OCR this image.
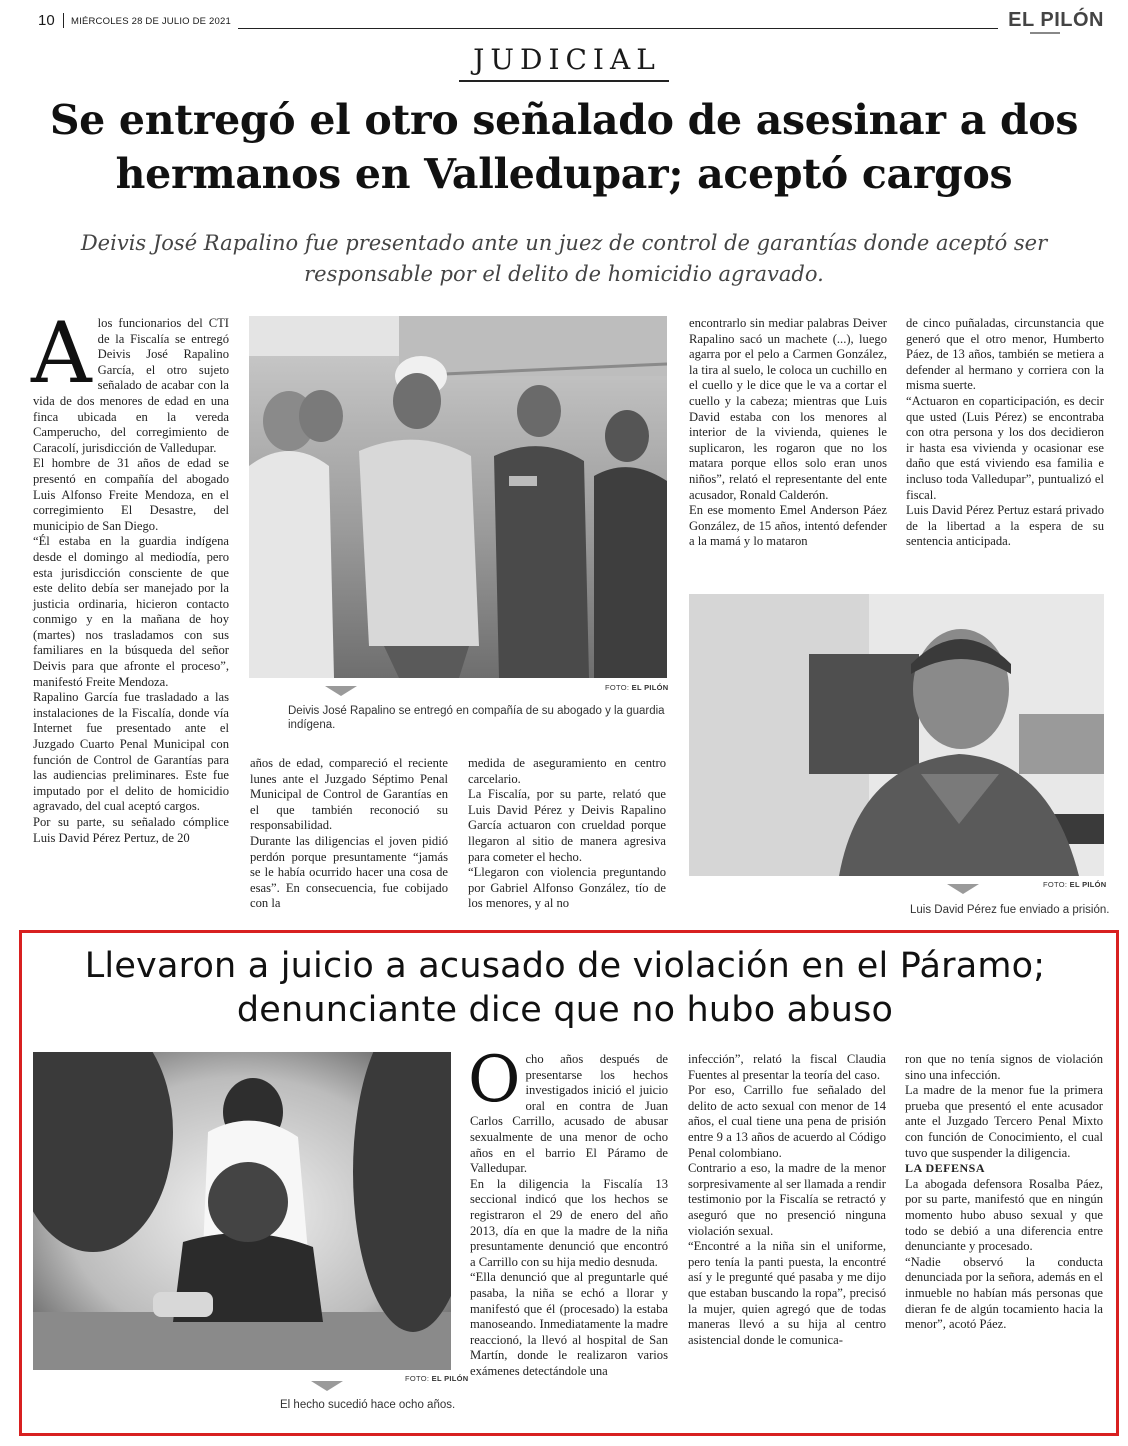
10 MIÉRCOLES 28 DE JULIO DE 2021	EL PILÓN
JUDICIAL
Se entregó el otro señalado de asesinar a dos hermanos en Valledupar; aceptó cargos
Deivis José Rapalino fue presentado ante un juez de control de garantías donde aceptó ser responsable por el delito de homicidio agravado.
A los funcionarios del CTI de la Fiscalía se entregó Deivis José Rapalino García, el otro sujeto señalado de acabar con la vida de dos menores de edad en una finca ubicada en la vereda Camperucho, del corregimiento de Caracolí, jurisdicción de Valledupar.

El hombre de 31 años de edad se presentó en compañía del abogado Luis Alfonso Freite Mendoza, en el corregimiento El Desastre, del municipio de San Diego.

“Él estaba en la guardia indígena desde el domingo al mediodía, pero esta jurisdicción consciente de que este delito debía ser manejado por la justicia ordinaria, hicieron contacto conmigo y en la mañana de hoy (martes) nos trasladamos con sus familiares en la búsqueda del señor Deivis para que afronte el proceso”, manifestó Freite Mendoza.

Rapalino García fue trasladado a las instalaciones de la Fiscalía, donde vía Internet fue presentado ante el Juzgado Cuarto Penal Municipal con función de Control de Garantías para las audiencias preliminares. Este fue imputado por el delito de homicidio agravado, del cual aceptó cargos.

Por su parte, su señalado cómplice Luis David Pérez Pertuz, de 20

FOTO: EL PILÓN
Deivis José Rapalino se entregó en compañía de su abogado y la guardia indígena.

años de edad, compareció el reciente lunes ante el Juzgado Séptimo Penal Municipal de Control de Garantías en el que también reconoció su responsabilidad.

Durante las diligencias el joven pidió perdón porque presuntamente “jamás se le había ocurrido hacer una cosa de esas”. En consecuencia, fue cobijado con la

medida de aseguramiento en centro carcelario.

La Fiscalía, por su parte, relató que Luis David Pérez y Deivis Rapalino García actuaron con crueldad porque llegaron al sitio de manera agresiva para cometer el hecho.

“Llegaron con violencia preguntando por Gabriel Alfonso González, tío de los menores, y al no

encontrarlo sin mediar palabras Deiver Rapalino sacó un machete (...), luego agarra por el pelo a Carmen González, la tira al suelo, le coloca un cuchillo en el cuello y le dice que le va a cortar el cuello y la cabeza; mientras que Luis David estaba con los menores al interior de la vivienda, quienes le suplicaron, les rogaron que no los matara porque ellos solo eran unos niños”, relató el representante del ente acusador, Ronald Calderón.

En ese momento Emel Anderson Páez González, de 15 años, intentó defender a la mamá y lo mataron

de cinco puñaladas, circunstancia que generó que el otro menor, Humberto Páez, de 13 años, también se metiera a defender al hermano y corriera con la misma suerte.

“Actuaron en coparticipación, es decir que usted (Luis Pérez) se encontraba con otra persona y los dos decidieron ir hasta esa vivienda y ocasionar ese daño que está viviendo esa familia e incluso toda Valledupar”, puntualizó el fiscal.

Luis David Pérez Pertuz estará privado de la libertad a la espera de su sentencia anticipada.

FOTO: EL PILÓN
Luis David Pérez fue enviado a prisión.
Llevaron a juicio a acusado de violación en el Páramo; denunciante dice que no hubo abuso
FOTO: EL PILÓN
El hecho sucedió hace ocho años.
O cho años después de presentarse los hechos investigados inició el juicio oral en contra de Juan Carlos Carrillo, acusado de abusar sexualmente de una menor de ocho años en el barrio El Páramo de Valledupar.

En la diligencia la Fiscalía 13 seccional indicó que los hechos se registraron el 29 de enero del año 2013, día en que la madre de la niña presuntamente denunció que encontró a Carrillo con su hija medio desnuda.

“Ella denunció que al preguntarle qué pasaba, la niña se echó a llorar y manifestó que él (procesado) la estaba manoseando. Inmediatamente la madre reaccionó, la llevó al hospital de San Martín, donde le realizaron varios exámenes detectándole una

infección”, relató la fiscal Claudia Fuentes al presentar la teoría del caso.

Por eso, Carrillo fue señalado del delito de acto sexual con menor de 14 años, el cual tiene una pena de prisión entre 9 a 13 años de acuerdo al Código Penal colombiano.

Contrario a eso, la madre de la menor sorpresivamente al ser llamada a rendir testimonio por la Fiscalía se retractó y aseguró que no presenció ninguna violación sexual.

“Encontré a la niña sin el uniforme, pero tenía la panti puesta, la encontré así y le pregunté qué pasaba y me dijo que estaban buscando la ropa”, precisó la mujer, quien agregó que de todas maneras llevó a su hija al centro asistencial donde le comunica-

ron que no tenía signos de violación sino una infección.

La madre de la menor fue la primera prueba que presentó el ente acusador ante el Juzgado Tercero Penal Mixto con función de Conocimiento, el cual tuvo que suspender la diligencia.

LA DEFENSA

La abogada defensora Rosalba Páez, por su parte, manifestó que en ningún momento hubo abuso sexual y que todo se debió a una diferencia entre denunciante y procesado.

“Nadie observó la conducta denunciada por la señora, además en el inmueble no habían más personas que dieran fe de algún tocamiento hacia la menor”, acotó Páez.
